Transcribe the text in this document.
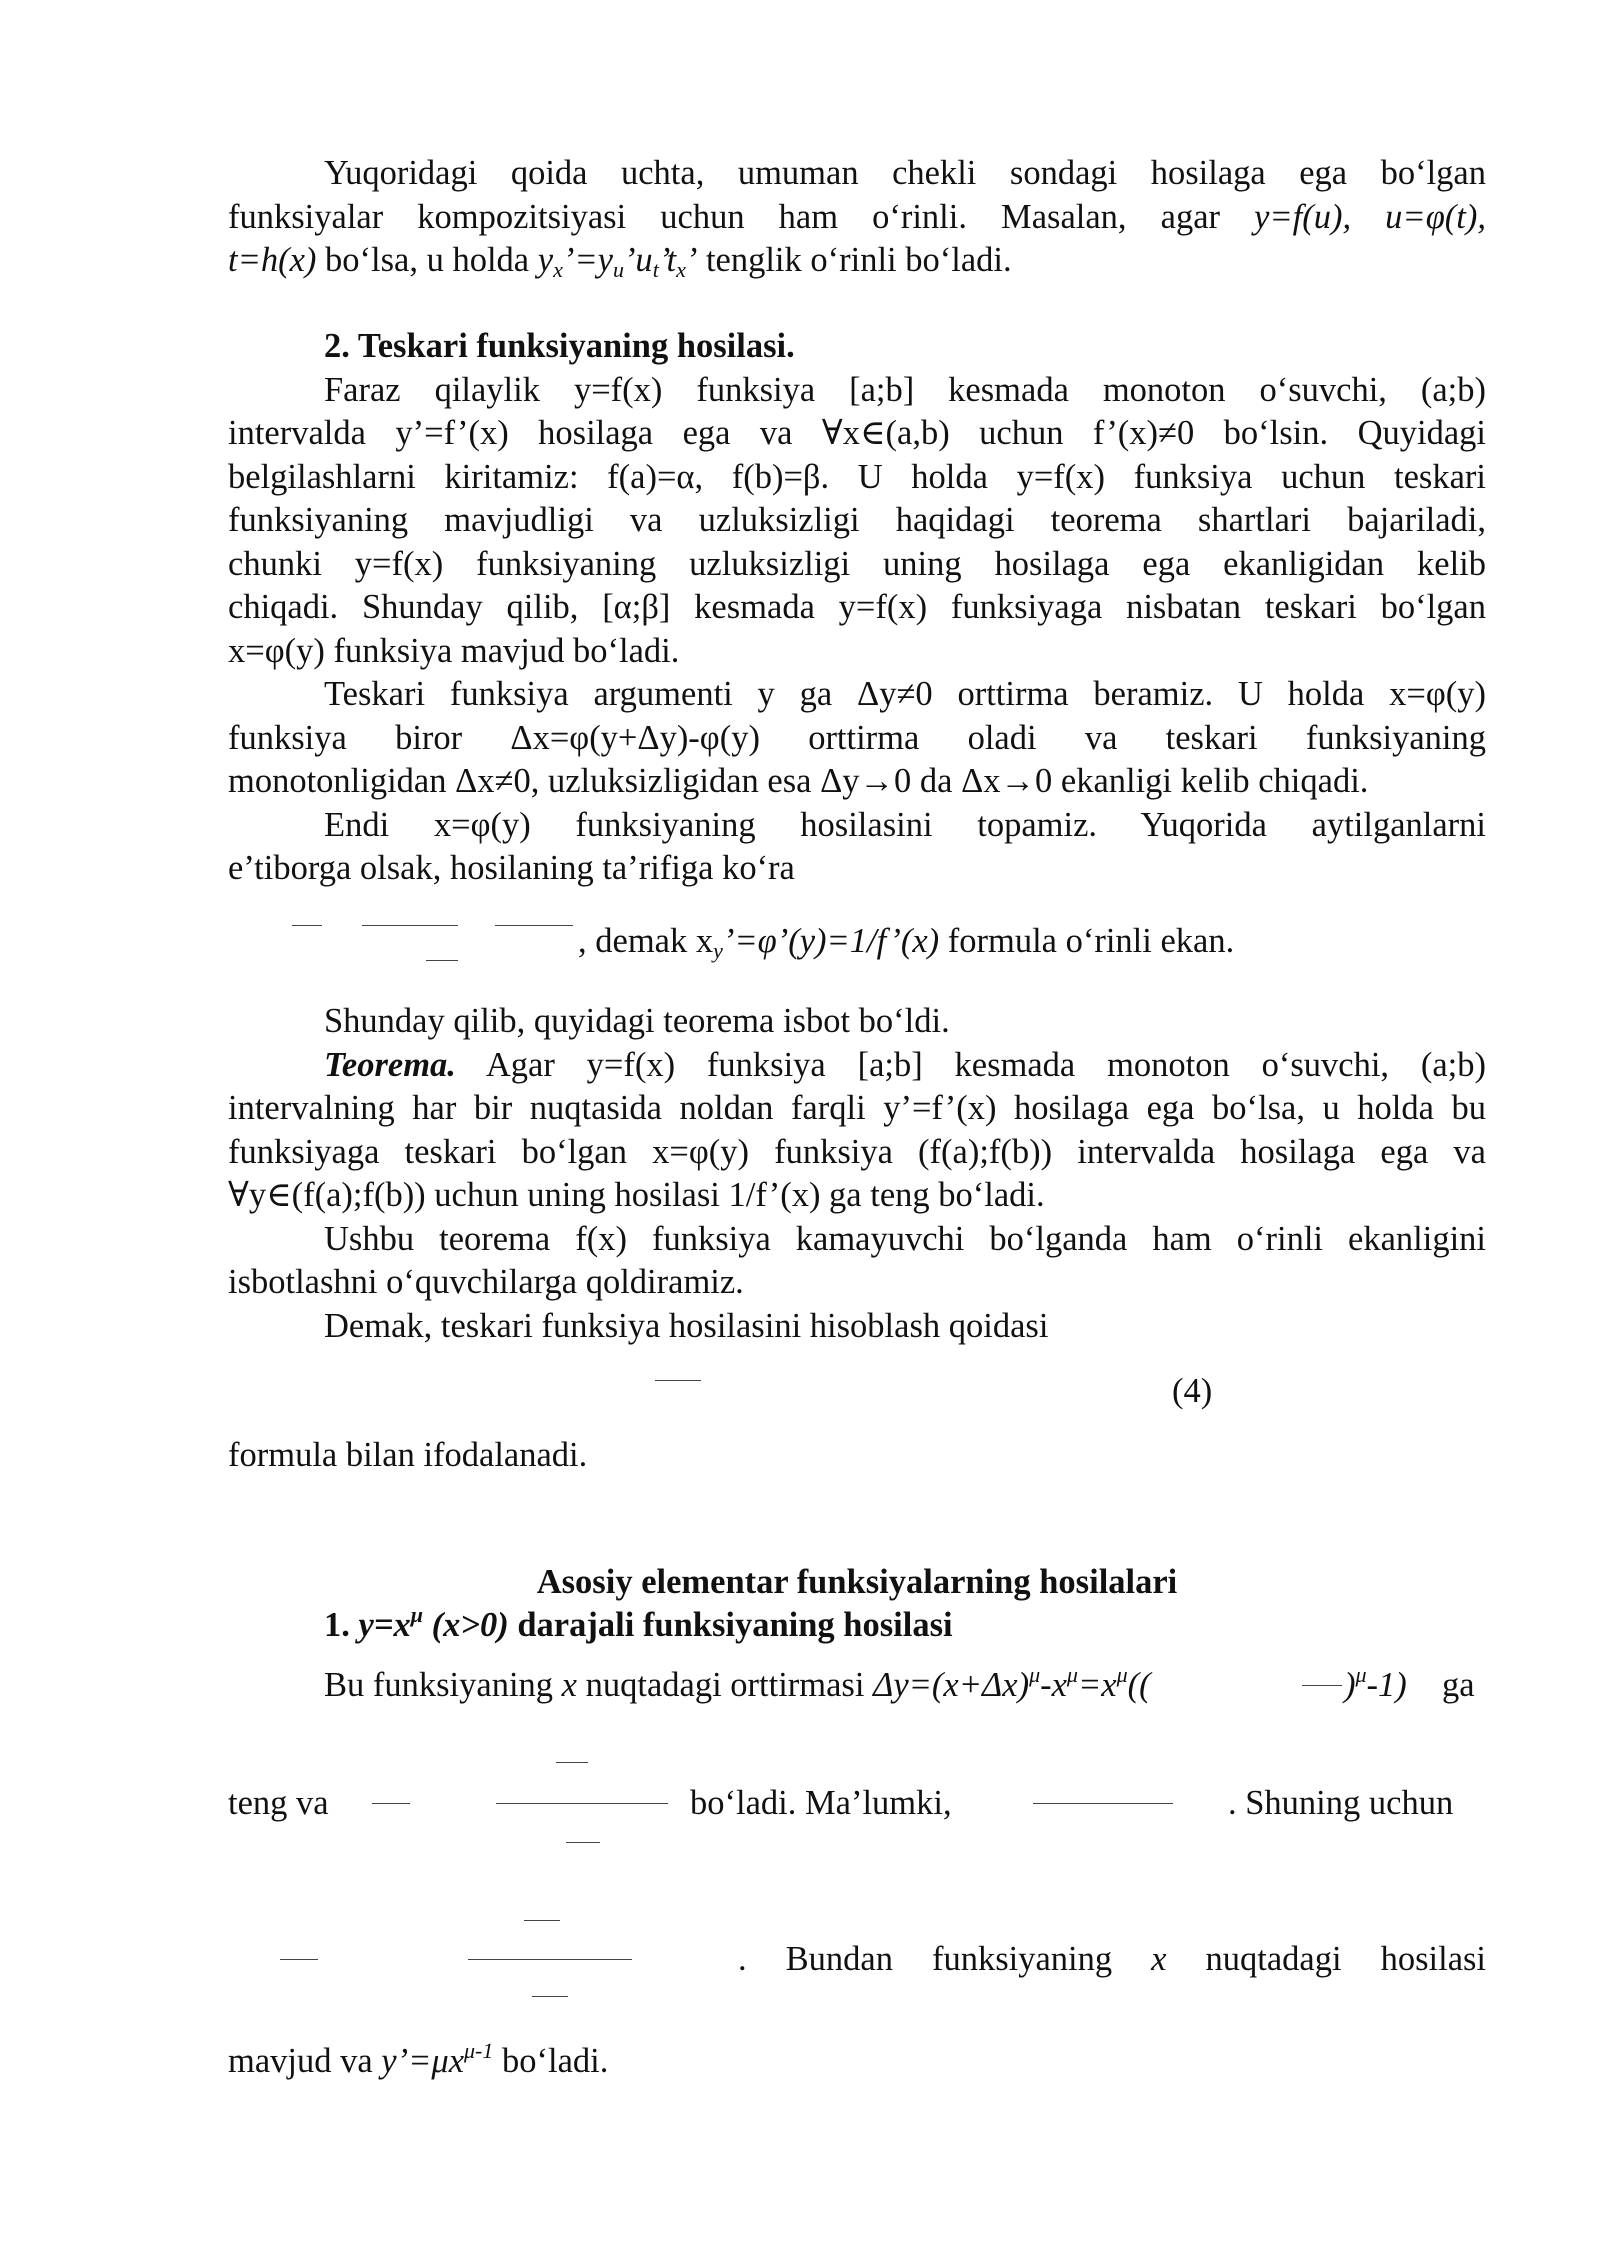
Yuqoridagi qoida uchta, umuman chekli sondagi hosilaga ega bo‘lgan

funksiyalar kompozitsiyasi uchun ham o‘rinli. Masalan, agar y=f(u), u=φ(t),

t=h(x) bo‘lsa, u holda $y_x’=y_u’u_t’t_x$’ tenglik o‘rinli bo‘ladi.

2. Teskari funksiyaning hosilasi.

Faraz qilaylik y=f(x) funksiya [a;b] kesmada monoton o‘suvchi, (a;b)

intervalda y’=f’(x) hosilaga ega va ∀x∈(a,b) uchun f’(x)≠0 bo‘lsin. Quyidagi

belgilashlarni kiritamiz: f(a)=α, f(b)=β. U holda y=f(x) funksiya uchun teskari

funksiyaning mavjudligi va uzluksizligi haqidagi teorema shartlari bajariladi,

chunki y=f(x) funksiyaning uzluksizligi uning hosilaga ega ekanligidan kelib

chiqadi. Shunday qilib, [α;β] kesmada y=f(x) funksiyaga nisbatan teskari bo‘lgan

x=φ(y) funksiya mavjud bo‘ladi.

Teskari funksiya argumenti y ga Δy≠0 orttirma beramiz. U holda x=φ(y)

funksiya biror Δx=φ(y+Δy)-φ(y) orttirma oladi va teskari funksiyaning

monotonligidan Δx≠0, uzluksizligidan esa Δy→0 da Δx→0 ekanligi kelib chiqadi.

Endi x=φ(y) funksiyaning hosilasini topamiz. Yuqorida aytilganlarni

e’tiborga olsak, hosilaning ta’rifiga ko‘ra

, demak $x_y’=\varphi’(y)=1/f’(x)$ formula o‘rinli ekan.

Shunday qilib, quyidagi teorema isbot bo‘ldi.

Teorema. Agar y=f(x) funksiya [a;b] kesmada monoton o‘suvchi, (a;b)

intervalning har bir nuqtasida noldan farqli y’=f’(x) hosilaga ega bo‘lsa, u holda bu

funksiyaga teskari bo‘lgan x=φ(y) funksiya (f(a);f(b)) intervalda hosilaga ega va

∀y∈(f(a);f(b)) uchun uning hosilasi 1/f’(x) ga teng bo‘ladi.

Ushbu teorema f(x) funksiya kamayuvchi bo‘lganda ham o‘rinli ekanligini

isbotlashni o‘quvchilarga qoldiramiz.

Demak, teskari funksiya hosilasini hisoblash qoidasi

(4)
formula bilan ifodalanadi.
Asosiy elementar funksiyalarning hosilalari
1. $y=x^\mu$ (x>0) darajali funksiyaning hosilasi
Bu funksiyaning x nuqtadagi orttirmasi $\Delta y=(x+\Delta x)^\mu-x^\mu=x^\mu$((	)$^\mu$-1) ga
teng va	bo‘ladi. Ma’lumki,	. Shuning uchun

. Bundan funksiyaning x nuqtadagi hosilasi

mavjud va $y’=\mu x^{\mu-1}$ bo‘ladi.
